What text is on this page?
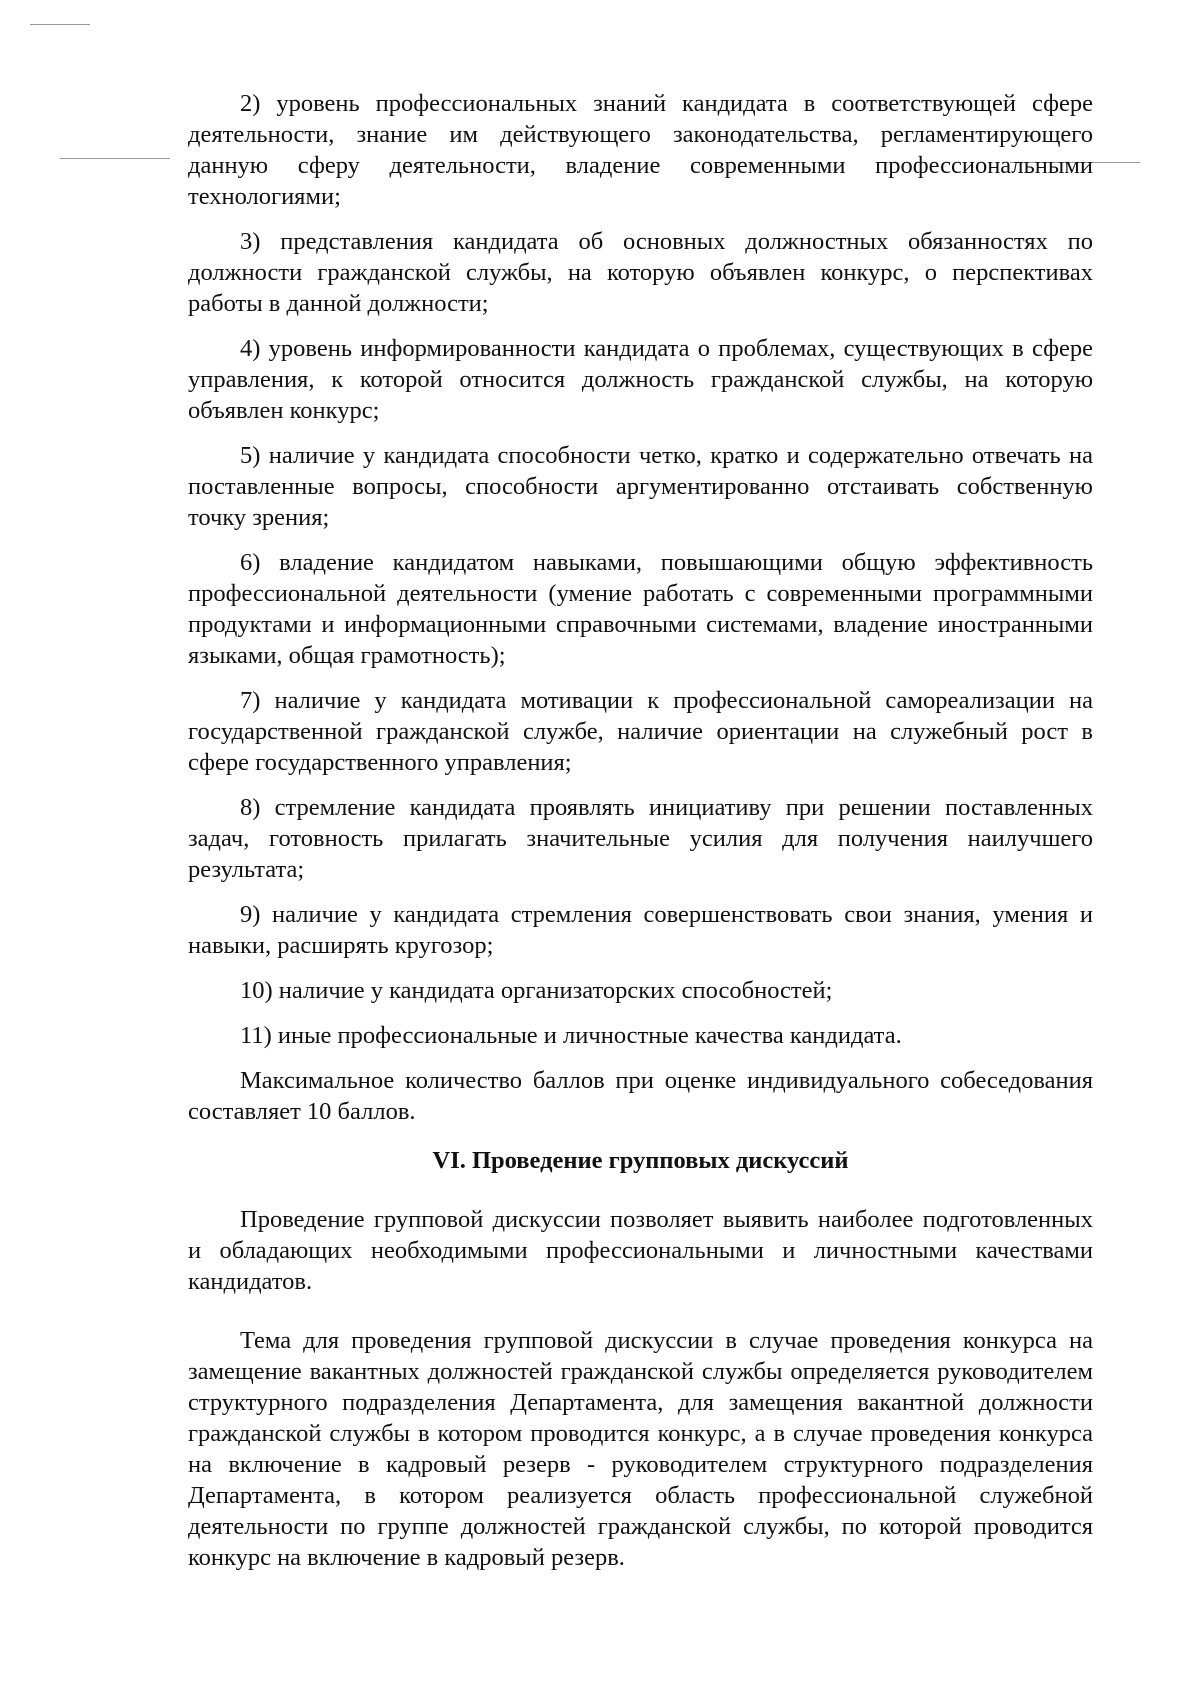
2) уровень профессиональных знаний кандидата в соответствующей сфере деятельности, знание им действующего законодательства, регламентирующего данную сферу деятельности, владение современными профессиональными технологиями;

3) представления кандидата об основных должностных обязанностях по должности гражданской службы, на которую объявлен конкурс, о перспективах работы в данной должности;

4) уровень информированности кандидата о проблемах, существующих в сфере управления, к которой относится должность гражданской службы, на которую объявлен конкурс;

5) наличие у кандидата способности четко, кратко и содержательно отвечать на поставленные вопросы, способности аргументированно отстаивать собственную точку зрения;

6) владение кандидатом навыками, повышающими общую эффективность профессиональной деятельности (умение работать с современными программными продуктами и информационными справочными системами, владение иностранными языками, общая грамотность);

7) наличие у кандидата мотивации к профессиональной самореализации на государственной гражданской службе, наличие ориентации на служебный рост в сфере государственного управления;

8) стремление кандидата проявлять инициативу при решении поставленных задач, готовность прилагать значительные усилия для получения наилучшего результата;

9) наличие у кандидата стремления совершенствовать свои знания, умения и навыки, расширять кругозор;

10) наличие у кандидата организаторских способностей;

11) иные профессиональные и личностные качества кандидата.

Максимальное количество баллов при оценке индивидуального собеседования составляет 10 баллов.

VI. Проведение групповых дискуссий

Проведение групповой дискуссии позволяет выявить наиболее подготовленных и обладающих необходимыми профессиональными и личностными качествами кандидатов.

Тема для проведения групповой дискуссии в случае проведения конкурса на замещение вакантных должностей гражданской службы определяется руководителем структурного подразделения Департамента, для замещения вакантной должности гражданской службы в котором проводится конкурс, а в случае проведения конкурса на включение в кадровый резерв - руководителем структурного подразделения Департамента, в котором реализуется область профессиональной служебной деятельности по группе должностей гражданской службы, по которой проводится конкурс на включение в кадровый резерв.
